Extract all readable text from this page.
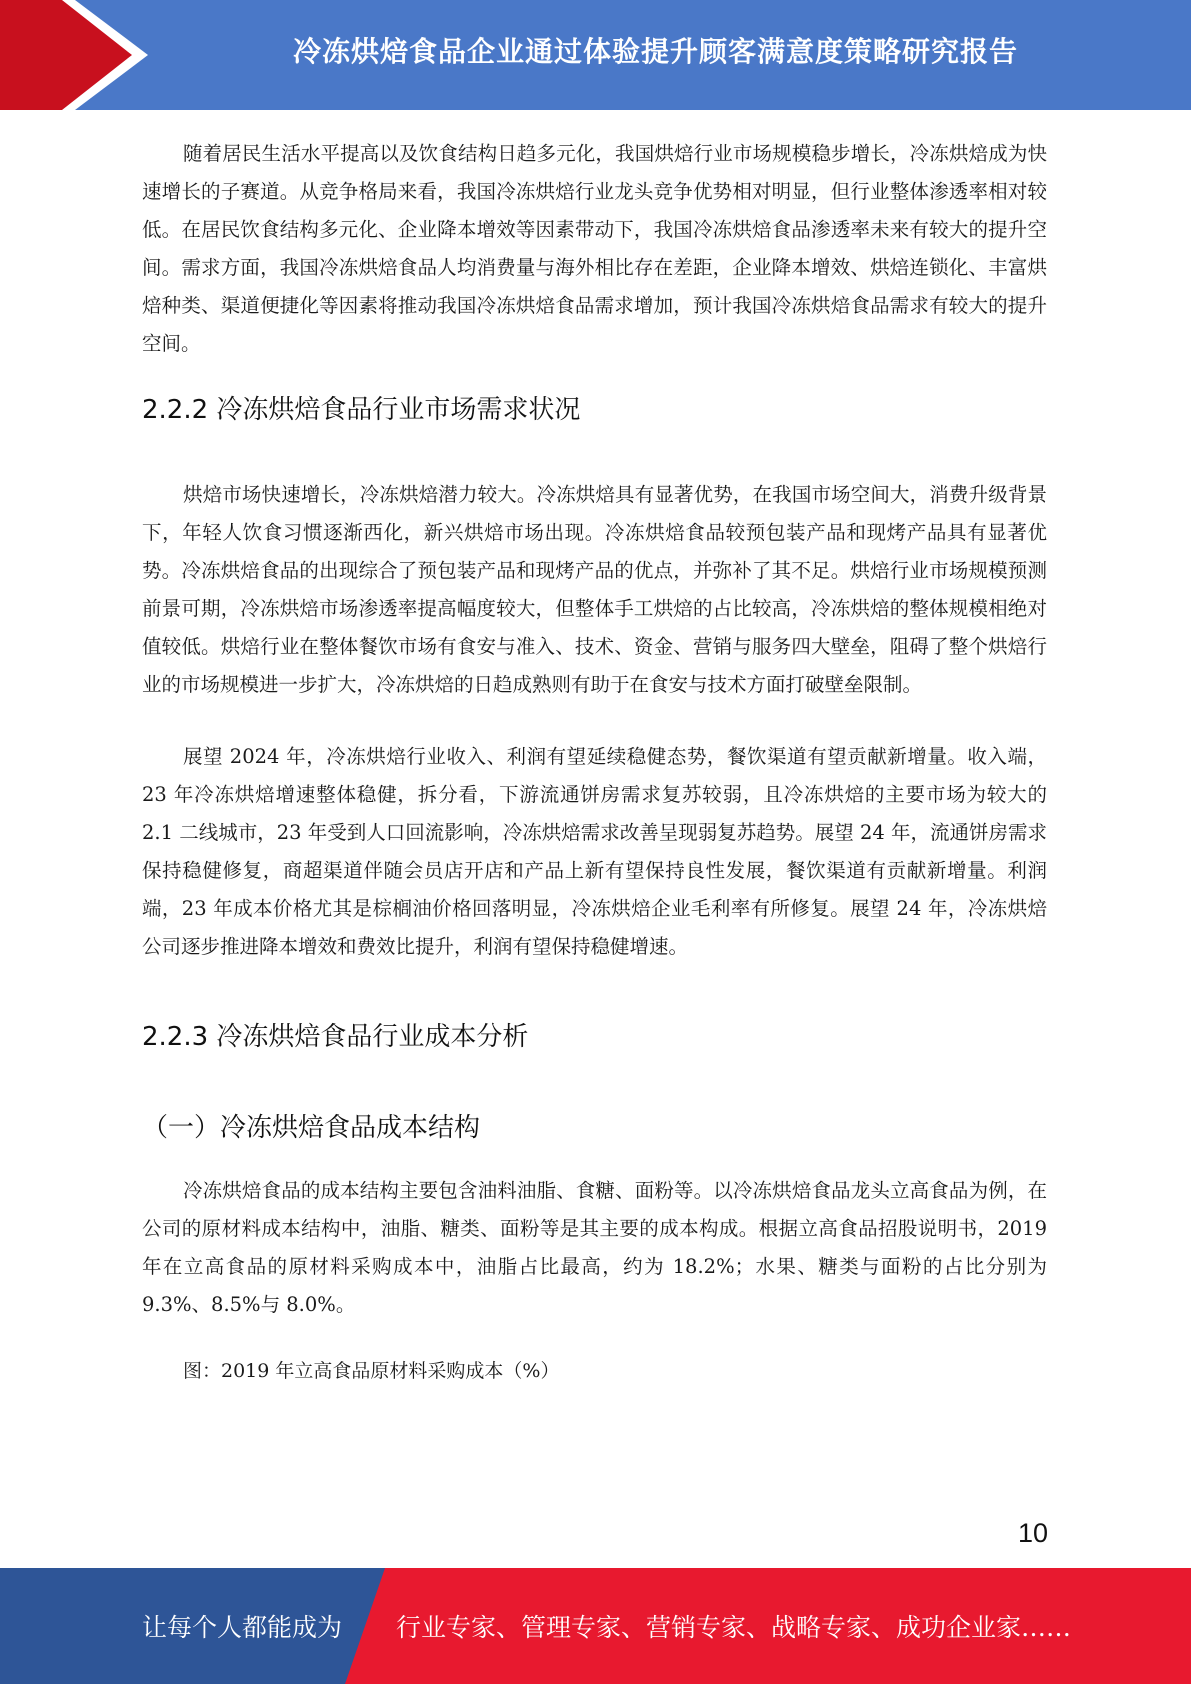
冷冻烘焙食品企业通过体验提升顾客满意度策略研究报告

随着居民生活水平提高以及饮食结构日趋多元化，我国烘焙行业市场规模稳步增长，冷冻烘焙成为快速增长的子赛道。从竞争格局来看，我国冷冻烘焙行业龙头竞争优势相对明显，但行业整体渗透率相对较低。在居民饮食结构多元化、企业降本增效等因素带动下，我国冷冻烘焙食品渗透率未来有较大的提升空间。需求方面，我国冷冻烘焙食品人均消费量与海外相比存在差距，企业降本增效、烘焙连锁化、丰富烘焙种类、渠道便捷化等因素将推动我国冷冻烘焙食品需求增加，预计我国冷冻烘焙食品需求有较大的提升空间。

2.2.2 冷冻烘焙食品行业市场需求状况

烘焙市场快速增长，冷冻烘焙潜力较大。冷冻烘焙具有显著优势，在我国市场空间大，消费升级背景下，年轻人饮食习惯逐渐西化，新兴烘焙市场出现。冷冻烘焙食品较预包装产品和现烤产品具有显著优势。冷冻烘焙食品的出现综合了预包装产品和现烤产品的优点，并弥补了其不足。烘焙行业市场规模预测前景可期，冷冻烘焙市场渗透率提高幅度较大，但整体手工烘焙的占比较高，冷冻烘焙的整体规模相绝对值较低。烘焙行业在整体餐饮市场有食安与准入、技术、资金、营销与服务四大壁垒，阻碍了整个烘焙行业的市场规模进一步扩大，冷冻烘焙的日趋成熟则有助于在食安与技术方面打破壁垒限制。

展望 2024 年，冷冻烘焙行业收入、利润有望延续稳健态势，餐饮渠道有望贡献新增量。收入端，23 年冷冻烘焙增速整体稳健，拆分看，下游流通饼房需求复苏较弱，且冷冻烘焙的主要市场为较大的 2.1 二线城市，23 年受到人口回流影响，冷冻烘焙需求改善呈现弱复苏趋势。展望 24 年，流通饼房需求保持稳健修复，商超渠道伴随会员店开店和产品上新有望保持良性发展，餐饮渠道有贡献新增量。利润端，23 年成本价格尤其是棕榈油价格回落明显，冷冻烘焙企业毛利率有所修复。展望 24 年，冷冻烘焙公司逐步推进降本增效和费效比提升，利润有望保持稳健增速。

2.2.3 冷冻烘焙食品行业成本分析
（一）冷冻烘焙食品成本结构

冷冻烘焙食品的成本结构主要包含油料油脂、食糖、面粉等。以冷冻烘焙食品龙头立高食品为例，在公司的原材料成本结构中，油脂、糖类、面粉等是其主要的成本构成。根据立高食品招股说明书，2019 年在立高食品的原材料采购成本中，油脂占比最高，约为 18.2%；水果、糖类与面粉的占比分别为 9.3%、8.5%与 8.0%。

图：2019 年立高食品原材料采购成本（%）

10
让每个人都能成为 行业专家、管理专家、营销专家、战略专家、成功企业家……
